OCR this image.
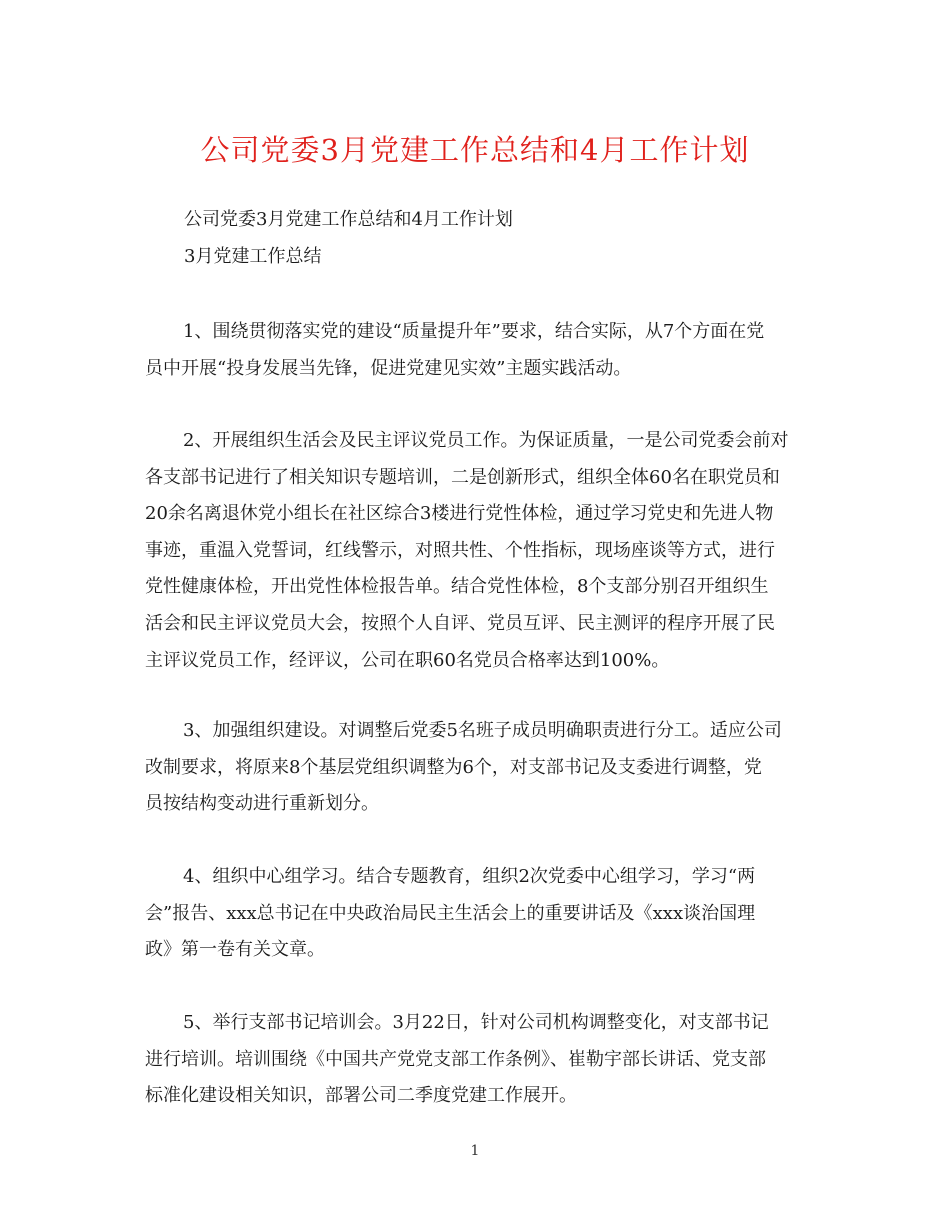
公司党委3月党建工作总结和4月工作计划

公司党委3月党建工作总结和4月工作计划

3月党建工作总结

1、围绕贯彻落实党的建设“质量提升年”要求，结合实际，从7个方面在党
员中开展“投身发展当先锋，促进党建见实效”主题实践活动。
2、开展组织生活会及民主评议党员工作。为保证质量，一是公司党委会前对
各支部书记进行了相关知识专题培训，二是创新形式，组织全体60名在职党员和
20余名离退休党小组长在社区综合3楼进行党性体检，通过学习党史和先进人物
事迹，重温入党誓词，红线警示，对照共性、个性指标，现场座谈等方式，进行
党性健康体检，开出党性体检报告单。结合党性体检，8个支部分别召开组织生
活会和民主评议党员大会，按照个人自评、党员互评、民主测评的程序开展了民
主评议党员工作，经评议，公司在职60名党员合格率达到100%。
3、加强组织建设。对调整后党委5名班子成员明确职责进行分工。适应公司
改制要求，将原来8个基层党组织调整为6个，对支部书记及支委进行调整，党
员按结构变动进行重新划分。
4、组织中心组学习。结合专题教育，组织2次党委中心组学习，学习“两
会”报告、xxx总书记在中央政治局民主生活会上的重要讲话及《xxx谈治国理
政》第一卷有关文章。
5、举行支部书记培训会。3月22日，针对公司机构调整变化，对支部书记
进行培训。培训围绕《中国共产党党支部工作条例》、崔勒宇部长讲话、党支部
标准化建设相关知识，部署公司二季度党建工作展开。
1
